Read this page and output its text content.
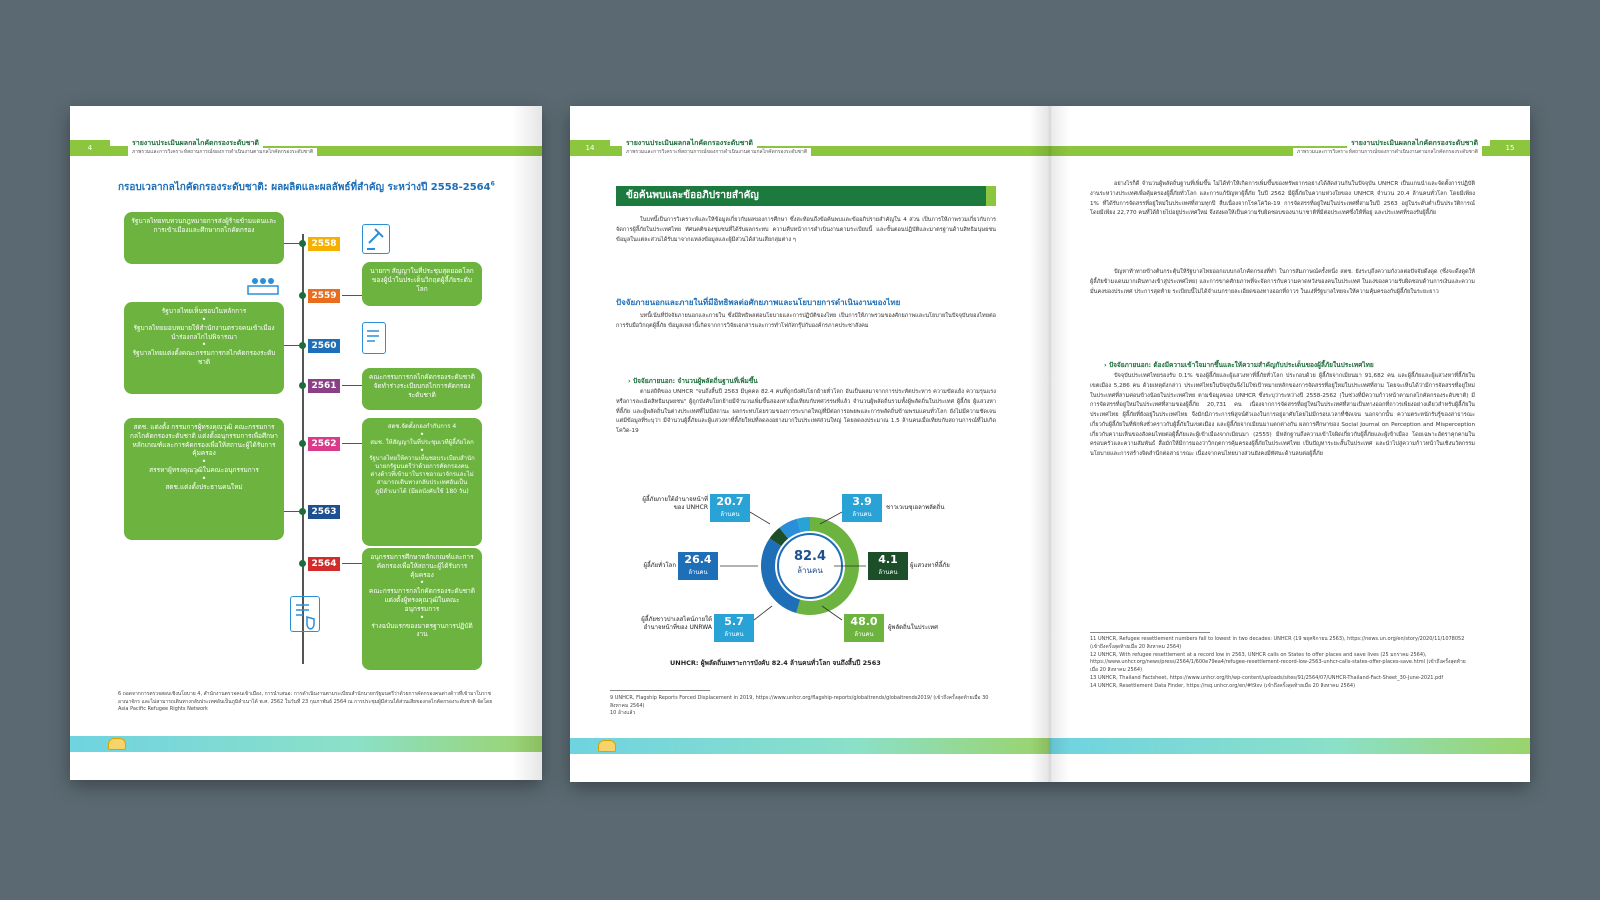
4
รายงานประเมินผลกลไกคัดกรองระดับชาติ
ภาพรวมและการวิเคราะห์สถานการณ์ของการดำเนินงานตามกลไกคัดกรองระดับชาติ
กรอบเวลากลไกคัดกรองระดับชาติ: ผลผลิตและผลลัพธ์ที่สำคัญ ระหว่างปี 2558-2564$^6$
2558
2559
2560
2561
2562
2563
2564
รัฐบาลไทยทบทวนกฎหมายการส่งผู้ร้ายข้ามแดนและการเข้าเมืองและศึกษากลไกคัดกรอง
รัฐบาลไทยเห็นชอบในหลักการ
•
รัฐบาลไทยมอบหมายให้สำนักงานตรวจคนเข้าเมือง นำร่องกลไกไปพิจารณา
•
รัฐบาลไทยแต่งตั้งคณะกรรมการกลไกคัดกรองระดับชาติ
สตช. แต่งตั้ง กรรมการผู้ทรงคุณวุฒิ คณะกรรมการกลไกคัดกรองระดับชาติ แต่งตั้งอนุกรรมการเพื่อศึกษาหลักเกณฑ์และการคัดกรองเพื่อให้สถานะผู้ได้รับการคุ้มครอง
•
สรรหาผู้ทรงคุณวุฒิในคณะอนุกรรมการ
•
สตช.แต่งตั้งประธานคนใหม่
นายกฯ สัญญาในที่ประชุมสุดยอดโลกของผู้นำในประเด็นวิกฤตผู้ลี้ภัยระดับโลก
คณะกรรมการกลไกคัดกรองระดับชาติจัดทำร่างระเบียบกลไกการคัดกรองระดับชาติ
สตช.จัดตั้งกองกำกับการ 4
•
สมช. ให้สัญญาในที่ประชุมเวทีผู้ลี้ภัยโลก
•
รัฐบาลไทยให้ความเห็นชอบระเบียบสำนักนายกรัฐมนตรีว่าด้วยการคัดกรองคนต่างด้าวที่เข้ามาในราชอาณาจักรและไม่สามารถเดินทางกลับประเทศอันเป็นภูมิลำเนาได้ (มีผลบังคับใช้ 180 วัน)
อนุกรรมการศึกษาหลักเกณฑ์และการคัดกรองเพื่อให้สถานะผู้ได้รับการคุ้มครอง
•
คณะกรรมการกลไกคัดกรองระดับชาติแต่งตั้งผู้ทรงคุณวุฒิในคณะอนุกรรมการ
•
ร่างฉบับแรกของมาตรฐานการปฏิบัติงาน
6 ถอดจากการตรวจสอบเชิงนโยบาย 4, สำนักงานตรวจคนเข้าเมือง, การนำเสนอ: การดำเนินงานตามระเบียบสำนักนายกรัฐมนตรีว่าด้วยการคัดกรองคนต่างด้าวที่เข้ามาในราชอาณาจักร และไม่สามารถเดินทางกลับประเทศอันเป็นภูมิลำเนาได้ พ.ศ. 2562 ในวันที่ 23 กุมภาพันธ์ 2564 ณ การประชุมผู้มีส่วนได้ส่วนเสียของกลไกคัดกรองระดับชาติ จัดโดย Asia Pacific Refugee Rights Network
14
รายงานประเมินผลกลไกคัดกรองระดับชาติ
ภาพรวมและการวิเคราะห์สถานการณ์ของการดำเนินงานตามกลไกคัดกรองระดับชาติ
ข้อค้นพบและข้ออภิปรายสำคัญ
ในบทนี้เป็นการวิเคราะห์และให้ข้อมูลเกี่ยวกับผลของการศึกษา ซึ่งสะท้อนถึงข้อค้นพบและข้ออภิปรายสำคัญใน 4 ส่วน เป็นการให้ภาพรวมเกี่ยวกับการจัดการผู้ลี้ภัยในประเทศไทย ทัศนคติของชุมชนที่ได้รับผลกระทบ ความคืบหน้าการดำเนินงานตามระเบียบนี้ และขั้นตอนปฏิบัติและมาตรฐานด้านสิทธิมนุษยชน ข้อมูลในแต่ละส่วนได้รับมาจากแหล่งข้อมูลและผู้มีส่วนได้ส่วนเสียกลุ่มต่าง ๆ
ปัจจัยภายนอกและภายในที่มีอิทธิพลต่อศักยภาพและนโยบายการดำเนินงานของไทย
บทนี้เน้นที่ปัจจัยภายนอกและภายใน ซึ่งมีอิทธิพลต่อนโยบายและการปฏิบัติของไทย เป็นการให้ภาพรวมของศักยภาพและนโยบายในปัจจุบันของไทยต่อการรับมือวิกฤตผู้ลี้ภัย ข้อมูลเหล่านี้เกิดจากการวิจัยเอกสารและการทำโฟกัสกรุ๊ปกับองค์กรภาคประชาสังคม
› ปัจจัยภายนอก: จำนวนผู้พลัดถิ่นฐานที่เพิ่มขึ้น
ตามสถิติของ UNHCR "จนถึงสิ้นปี 2563 มีบุคคล 82.4 คนที่ถูกบังคับโยกย้ายทั่วโลก อันเป็นผลมาจากการประหัตประหาร ความขัดแย้ง ความรุนแรงหรือการละเมิดสิทธิมนุษยชน" ผู้ถูกบังคับโยกย้ายมีจำนวนเพิ่มขึ้นสองเท่าเมื่อเทียบกับทศวรรษที่แล้ว จำนวนผู้พลัดถิ่นรวมทั้งผู้พลัดถิ่นในประเทศ ผู้ลี้ภัย ผู้แสวงหาที่ลี้ภัย และผู้พลัดถิ่นในต่างประเทศที่ไม่มีสถานะ ผลกระทบโดยรวมของการระบาดใหญ่ที่มีต่อการอพยพและการพลัดถิ่นข้ามพรมแดนทั่วโลก ยังไม่มีความชัดเจน แต่มีข้อมูลที่ระบุว่า มีจำนวนผู้ลี้ภัยและผู้แสวงหาที่ลี้ภัยใหม่ที่ลดลงอย่างมากในประเทศส่วนใหญ่ โดยลดลงประมาณ 1.5 ล้านคนเมื่อเทียบกับสถานการณ์ที่ไม่เกิดโควิด-19
82.4
ล้านคน
20.7
ล้านคน
ผู้ลี้ภัยภายใต้อำนาจหน้าที่ของ UNHCR	3.9
ล้านคน
ชาวเวเนซุเอลาพลัดถิ่น
26.4
ล้านคน
ผู้ลี้ภัยทั่วโลก	4.1
ล้านคน
ผู้แสวงหาที่ลี้ภัย
5.7
ล้านคน
ผู้ลี้ภัยชาวปาเลสไตน์ภายใต้อำนาจหน้าที่ของ UNRWA	48.0
ล้านคน
ผู้พลัดถิ่นในประเทศ
UNHCR: ผู้พลัดถิ่นเพราะการบังคับ 82.4 ล้านคนทั่วโลก จนถึงสิ้นปี 2563
9 UNHCR, Flagship Reports Forced Displacement in 2019, https://www.unhcr.org/flagship-reports/globaltrends/globaltrends2019/ (เข้าถึงครั้งสุดท้ายเมื่อ 30 สิงหาคม 2564)
10 อ้างแล้ว
15
รายงานประเมินผลกลไกคัดกรองระดับชาติ
ภาพรวมและการวิเคราะห์สถานการณ์ของการดำเนินงานตามกลไกคัดกรองระดับชาติ
อย่างไรก็ดี จำนวนผู้พลัดถิ่นฐานที่เพิ่มขึ้น ไม่ได้ทำให้เกิดการเพิ่มขึ้นของทรัพยากรอย่างได้สัดส่วนกันในปัจจุบัน UNHCR เป็นแกนนำและจัดตั้งการปฏิบัติงานระหว่างประเทศเพื่อคุ้มครองผู้ลี้ภัยทั่วโลก และการแก้ปัญหาผู้ลี้ภัย ในปี 2562 มีผู้ลี้ภัยในความห่วงใยของ UNHCR จำนวน 20.4 ล้านคนทั่วโลก โดยมีเพียง 1% ที่ได้รับการจัดสรรที่อยู่ใหม่ในประเทศที่สามทุกปี สืบเนื่องจากโรคโควิด-19 การจัดสรรที่อยู่ใหม่ในประเทศที่สามในปี 2563 อยู่ในระดับต่ำเป็นประวัติการณ์ โดยมีเพียง 22,770 คนที่ได้ย้ายไปอยู่ประเทศใหม่ จึงส่งผลให้เป็นความรับผิดชอบของนานาชาติที่มีต่อประเทศซึ่งให้ที่อยู่ และประเทศที่รองรับผู้ลี้ภัย
ปัญหาท้าทายข้างต้นกระตุ้นให้รัฐบาลไทยออกแบบกลไกคัดกรองที่ทำ ในการสัมภาษณ์ครั้งหนึ่ง สตช. ยังระบุถึงความกังวลต่อปัจจัยดึงดูด (ซึ่งจะดึงดูดให้ผู้ลี้ภัยข้ามแดนมากเดินทางเข้าสู่ประเทศไทย) และการขาดศักยภาพที่จะจัดการกับความคาดหวังของคนในประเทศ ในแง่ของความรับผิดชอบด้านการเงินและความมั่นคงของประเทศ ประการสุดท้าย ระเบียบนี้ไม่ได้จำแนกรายละเอียดของทางออกที่ถาวร ในแง่ที่รัฐบาลไทยจะให้ความคุ้มครองกับผู้ลี้ภัยในระยะยาว
› ปัจจัยภายนอก: ต้องมีความเข้าใจมากขึ้นและให้ความสำคัญกับประเด็นของผู้ลี้ภัยในประเทศไทย
ปัจจุบันประเทศไทยรองรับ 0.1% ของผู้ลี้ภัยและผู้แสวงหาที่ลี้ภัยทั่วโลก ประกอบด้วย ผู้ลี้ภัยจากเมียนมา 91,682 คน และผู้ลี้ภัยและผู้แสวงหาที่ลี้ภัยในเขตเมือง 5,286 คน ด้วยเหตุดังกล่าว ประเทศไทยในปัจจุบันจึงไม่ใช่เป้าหมายหลักของการจัดสรรที่อยู่ใหม่ในประเทศที่สาม โดยจะเห็นได้ว่ามีการจัดสรรที่อยู่ใหม่ในประเทศที่สามค่อนข้างน้อยในประเทศไทย ตามข้อมูลของ UNHCR ซึ่งระบุว่าระหว่างปี 2558-2562 (ในช่วงที่มีความก้าวหน้าตามกลไกคัดกรองระดับชาติ) มีการจัดสรรที่อยู่ใหม่ในประเทศที่สามของผู้ลี้ภัย 20,731 คน เนื่องจากการจัดสรรที่อยู่ใหม่ในประเทศที่สามเป็นทางออกที่ถาวรเพียงอย่างเดียวสำหรับผู้ลี้ภัยในประเทศไทย ผู้ลี้ภัยที่ยังอยู่ในประเทศไทย จึงมักมีภาระการพิสูจน์ตัวเองในการอยู่อาศัยโดยไม่มีกรอบเวลาที่ชัดเจน นอกจากนั้น ความตระหนักรับรู้ของสาธารณะเกี่ยวกับผู้ลี้ภัยในที่พักพิงชั่วคราวกับผู้ลี้ภัยในเขตเมือง และผู้ลี้ภัยจากเมียนมาแตกต่างกัน ผลการศึกษาของ Social Journal on Perception and Misperception เกี่ยวกับความเห็นของสังคมไทยต่อผู้ลี้ภัยและผู้เข้าเมืองจากเมียนมา (2555) มีหลักฐานถึงความเข้าใจผิดเกี่ยวกับผู้ลี้ภัยและผู้เข้าเมือง โดยเฉพาะอัตราคุกคามในครอบครัวและความสัมพันธ์ สื่อมักให้มีการมองว่าวิกฤตการคุ้มครองผู้ลี้ภัยในประเทศไทย เป็นปัญหาระยะสั้นในประเทศ และนำไปสู่ความก้าวหน้าในเชิงนวัตกรรมนโยบายและการสร้างจิตสำนึกต่อสาธารณะ เนื่องจากคนไทยบางส่วนยังคงมีทัศนะด้านลบต่อผู้ลี้ภัย
11 UNHCR, Refugee resettlement numbers fall to lowest in two decades: UNHCR (19 พฤศจิกายน 2563), https://news.un.org/en/story/2020/11/1078052 (เข้าถึงครั้งสุดท้ายเมื่อ 20 สิงหาคม 2564)
12 UNHCR, With refugee resettlement at a record low in 2563, UNHCR calls on States to offer places and save lives (25 มกราคม 2564), https://www.unhcr.org/news/press/2564/1/600e79ea4/refugee-resettlement-record-low-2563-unhcr-calls-states-offer-places-save.html (เข้าถึงครั้งสุดท้ายเมื่อ 20 สิงหาคม 2564)
13 UNHCR, Thailand Factsheet, https://www.unhcr.org/th/wp-content/uploads/sites/91/2564/07/UNHCR-Thailand-Fact-Sheet_30-June-2021.pdf
14 UNHCR, Resettlement Data Finder, https://rsq.unhcr.org/en/#t9xv (เข้าถึงครั้งสุดท้ายเมื่อ 20 สิงหาคม 2564)
